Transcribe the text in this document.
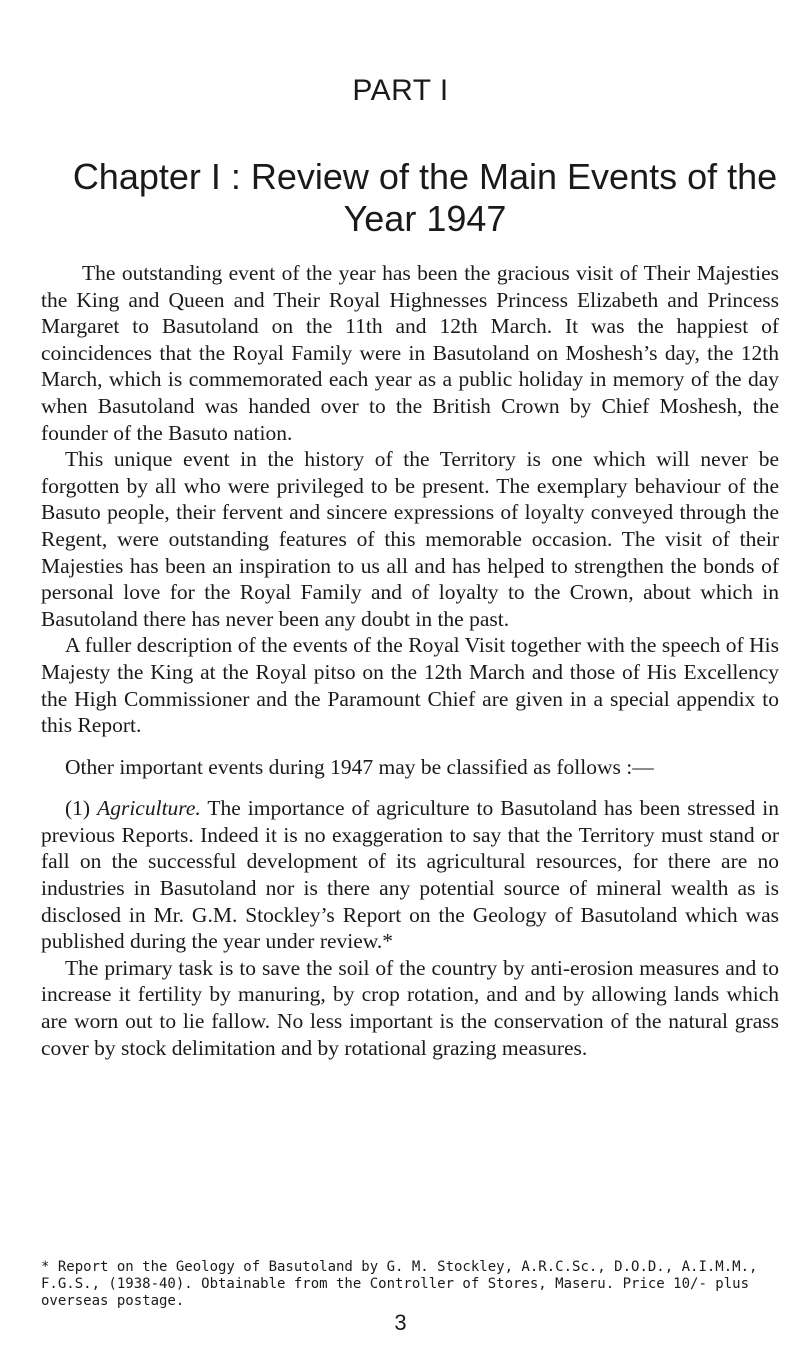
PART I
Chapter I : Review of the Main Events of the Year 1947

The outstanding event of the year has been the gracious visit of Their Majesties the King and Queen and Their Royal Highnesses Princess Elizabeth and Princess Margaret to Basutoland on the 11th and 12th March. It was the happiest of coincidences that the Royal Family were in Basutoland on Moshesh’s day, the 12th March, which is commemorated each year as a public holiday in memory of the day when Basutoland was handed over to the British Crown by Chief Moshesh, the founder of the Basuto nation.

This unique event in the history of the Territory is one which will never be forgotten by all who were privileged to be present. The exemplary behaviour of the Basuto people, their fervent and sincere expressions of loyalty conveyed through the Regent, were outstanding features of this memorable occasion. The visit of their Majesties has been an inspiration to us all and has helped to strengthen the bonds of personal love for the Royal Family and of loyalty to the Crown, about which in Basutoland there has never been any doubt in the past.

A fuller description of the events of the Royal Visit together with the speech of His Majesty the King at the Royal pitso on the 12th March and those of His Excellency the High Commissioner and the Paramount Chief are given in a special appendix to this Report.

Other important events during 1947 may be classified as follows :—

(1) Agriculture. The importance of agriculture to Basutoland has been stressed in previous Reports. Indeed it is no exaggeration to say that the Territory must stand or fall on the successful development of its agricultural resources, for there are no industries in Basutoland nor is there any potential source of mineral wealth as is disclosed in Mr. G.M. Stockley’s Report on the Geology of Basutoland which was published during the year under review.*

The primary task is to save the soil of the country by anti-erosion measures and to increase it fertility by manuring, by crop rotation, and and by allowing lands which are worn out to lie fallow. No less important is the conservation of the natural grass cover by stock delimitation and by rotational grazing measures.

* Report on the Geology of Basutoland by G. M. Stockley, A.R.C.Sc., D.O.D., A.I.M.M., F.G.S., (1938-40). Obtainable from the Controller of Stores, Maseru. Price 10/- plus overseas postage.
3
